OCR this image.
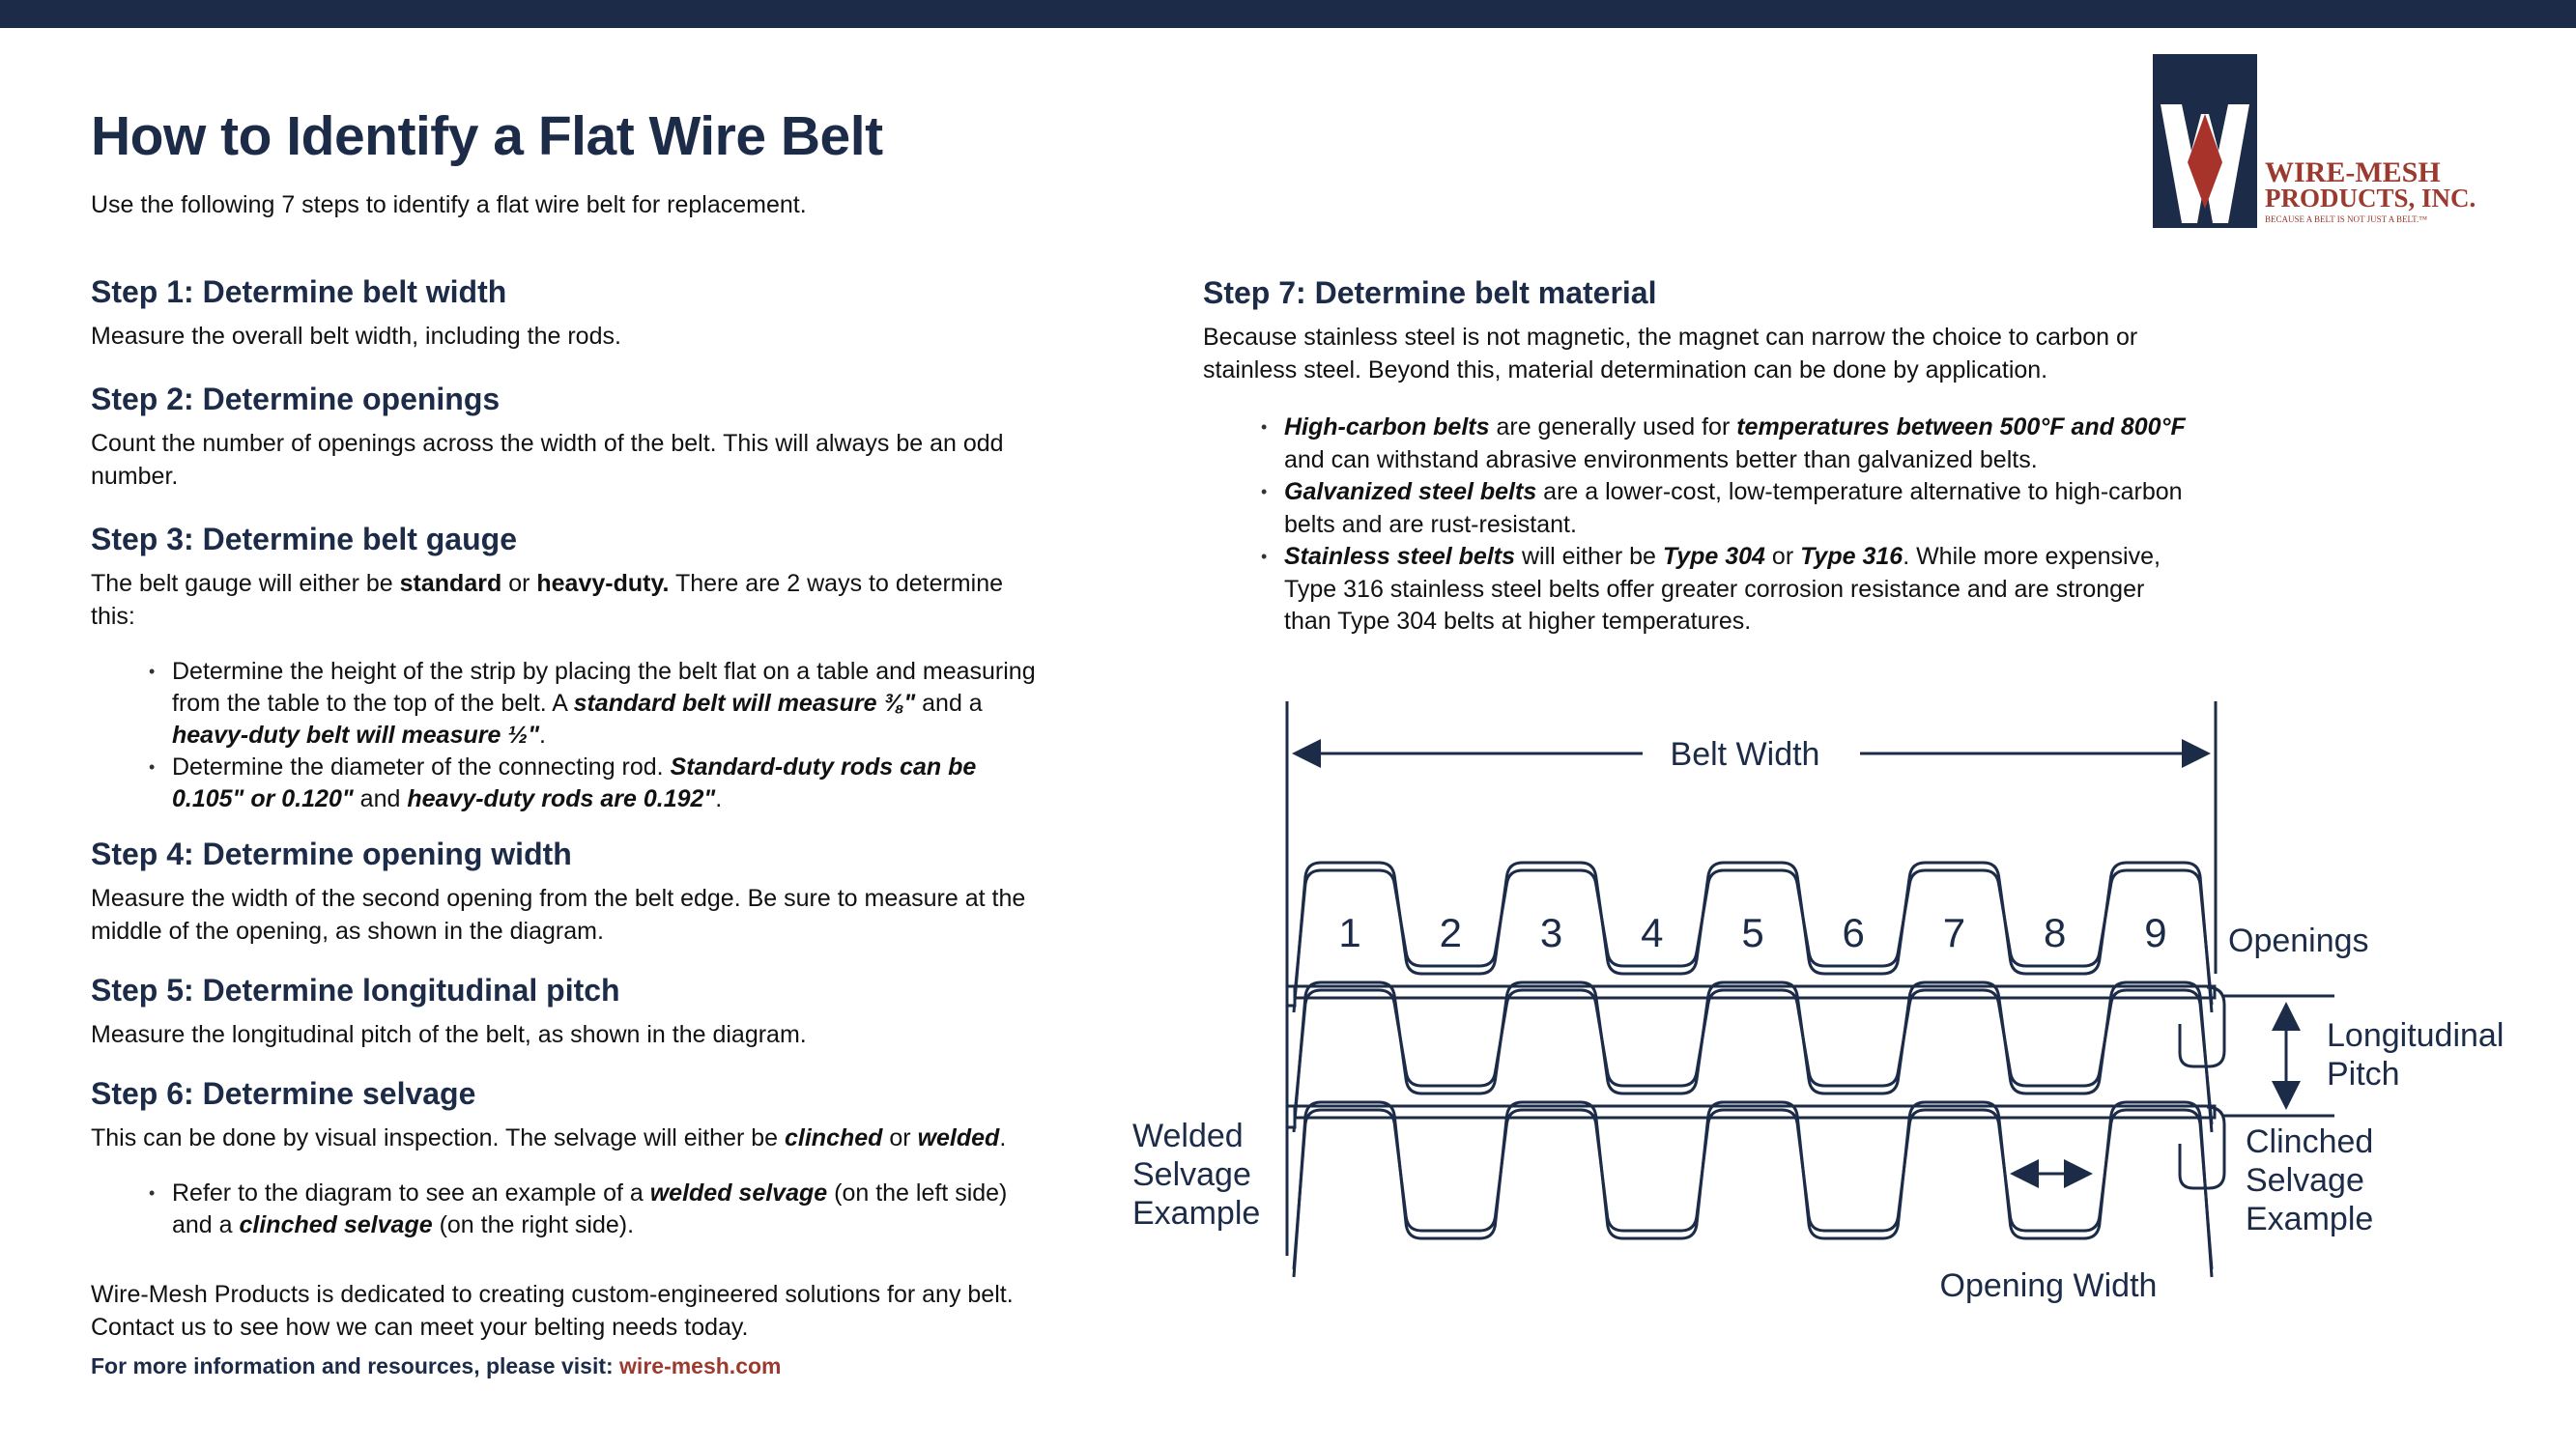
How to Identify a Flat Wire Belt
Use the following 7 steps to identify a flat wire belt for replacement.
WIRE-MESH
PRODUCTS, INC.
BECAUSE A BELT IS NOT JUST A BELT.™
Step 1: Determine belt width

Measure the overall belt width, including the rods.

Step 2: Determine openings

Count the number of openings across the width of the belt. This will always be an odd number.

Step 3: Determine belt gauge

The belt gauge will either be standard or heavy-duty. There are 2 ways to determine this:

• Determine the height of the strip by placing the belt flat on a table and measuring from the table to the top of the belt. A standard belt will measure ⅜" and a heavy-duty belt will measure ½".
• Determine the diameter of the connecting rod. Standard-duty rods can be 0.105" or 0.120" and heavy-duty rods are 0.192".
Step 4: Determine opening width

Measure the width of the second opening from the belt edge. Be sure to measure at the middle of the opening, as shown in the diagram.

Step 5: Determine longitudinal pitch

Measure the longitudinal pitch of the belt, as shown in the diagram.

Step 6: Determine selvage

This can be done by visual inspection. The selvage will either be clinched or welded.

• Refer to the diagram to see an example of a welded selvage (on the left side) and a clinched selvage (on the right side).
Step 7: Determine belt material

Because stainless steel is not magnetic, the magnet can narrow the choice to carbon or stainless steel. Beyond this, material determination can be done by application.

• High-carbon belts are generally used for temperatures between 500°F and 800°F and can withstand abrasive environments better than galvanized belts.
• Galvanized steel belts are a lower-cost, low-temperature alternative to high-carbon belts and are rust-resistant.
• Stainless steel belts will either be Type 304 or Type 316. While more expensive, Type 316 stainless steel belts offer greater corrosion resistance and are stronger than Type 304 belts at higher temperatures.

Wire-Mesh Products is dedicated to creating custom-engineered solutions for any belt. Contact us to see how we can meet your belting needs today.

For more information and resources, please visit: wire-mesh.com

Belt Width
1 2 3 4 5 6 7 8 9 Openings
Longitudinal
Pitch
Welded
Selvage
Example
Clinched
Selvage
Example
Opening Width
